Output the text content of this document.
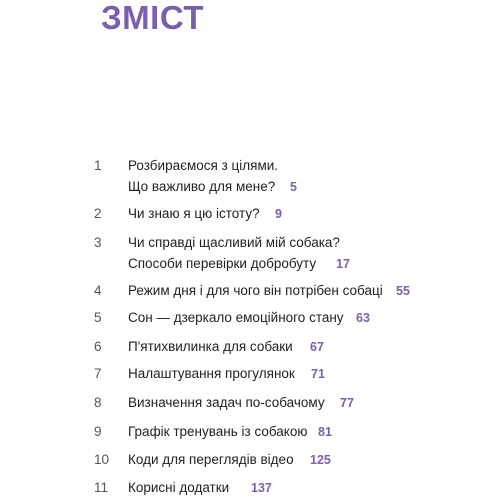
ЗМІСТ
1 Розбираємося з цілями.
Що важливо для мене? 5
2 Чи знаю я цю істоту? 9
3 Чи справді щасливий мій собака?
Способи перевірки добробуту 17
4 Режим дня і для чого він потрібен собаці 55
5 Сон — дзеркало емоційного стану 63
6 П'ятихвилинка для собаки 67
7 Налаштування прогулянок 71
8 Визначення задач по-собачому 77
9 Графік тренувань із собакою 81
10 Коди для переглядів відео 125
11 Корисні додатки 137
